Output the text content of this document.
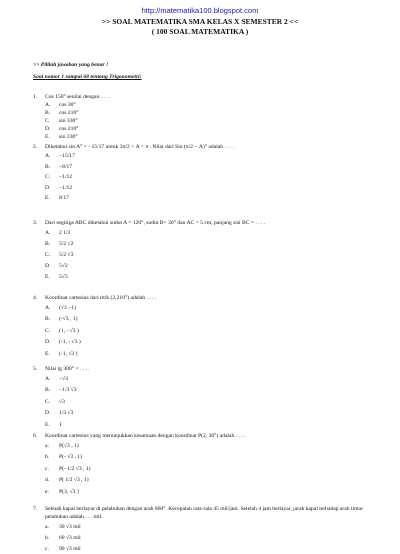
http://matematika100.blogspot.com
>> SOAL MATEMATIKA SMA KELAS X SEMESTER 2 <<
( 100 SOAL MATEMATIKA )
>> Pililah jawaban yang benar !
Soal nomor 1 sampai 68 tentang Trigonometri:
1.	Cos 150° senilai dengan . . . .
A.	cos 30°
B.	cos 210°
C.	sin 330°
D.	cos 210°
E.	sin 330°
2.	Diketahui sin A° = −15/17 untuk 3π/2 < A < π . Nilai dari Sin (π/2 − A)° adalah . . . .
A.	−15/17
B.	−8/17
C.	−1/12
D.	−1/12
E.	8/17
3.	Dari segitiga ABC diketahui sudut A = 120°, sudut B= 30° dan AC = 5 cm, panjang sisi BC = . . . .
A.	2 1/2
B.	5/2 √2
C.	5/2 √3
D.	5√2
E.	5√3
4.	Koordinat cartesius dari titik (2,210°) adalah . . . .
A.	(√3 ,-1)
B.	(-√3 , 1)
C.	(1, - √3 )
D.	(-1, - √3 )
E.	(-1, √3 )
5.	Nilai tg 300° = . . . .
A.	−√3
B.	−1/3 √3
C.	√3
D.	1/3 √3
E.	1
6.	Koordinat cartesius yang menunjukkan kesamaan dengan koordinat P(2, 30°) adalah . . . .
a.	P(√3 , 1)
b.	P(- √3 , 1)
c.	P(- 1/2 √3 , 1)
d.	P( 1/2 √3 , 1)
e.	P(3, √3 )
7.	Sebuah kapal berlayar di pelabuhan dengan arah 060°. Kecepatan rata-rata 45 mil/jam. Setelah 4 jam berlayar, jarak kapal terhadap arah timur pelabuhan adalah . . . mil.
a.	30 √3 mil
b.	60 √3 mil
c.	90 √3 mil
